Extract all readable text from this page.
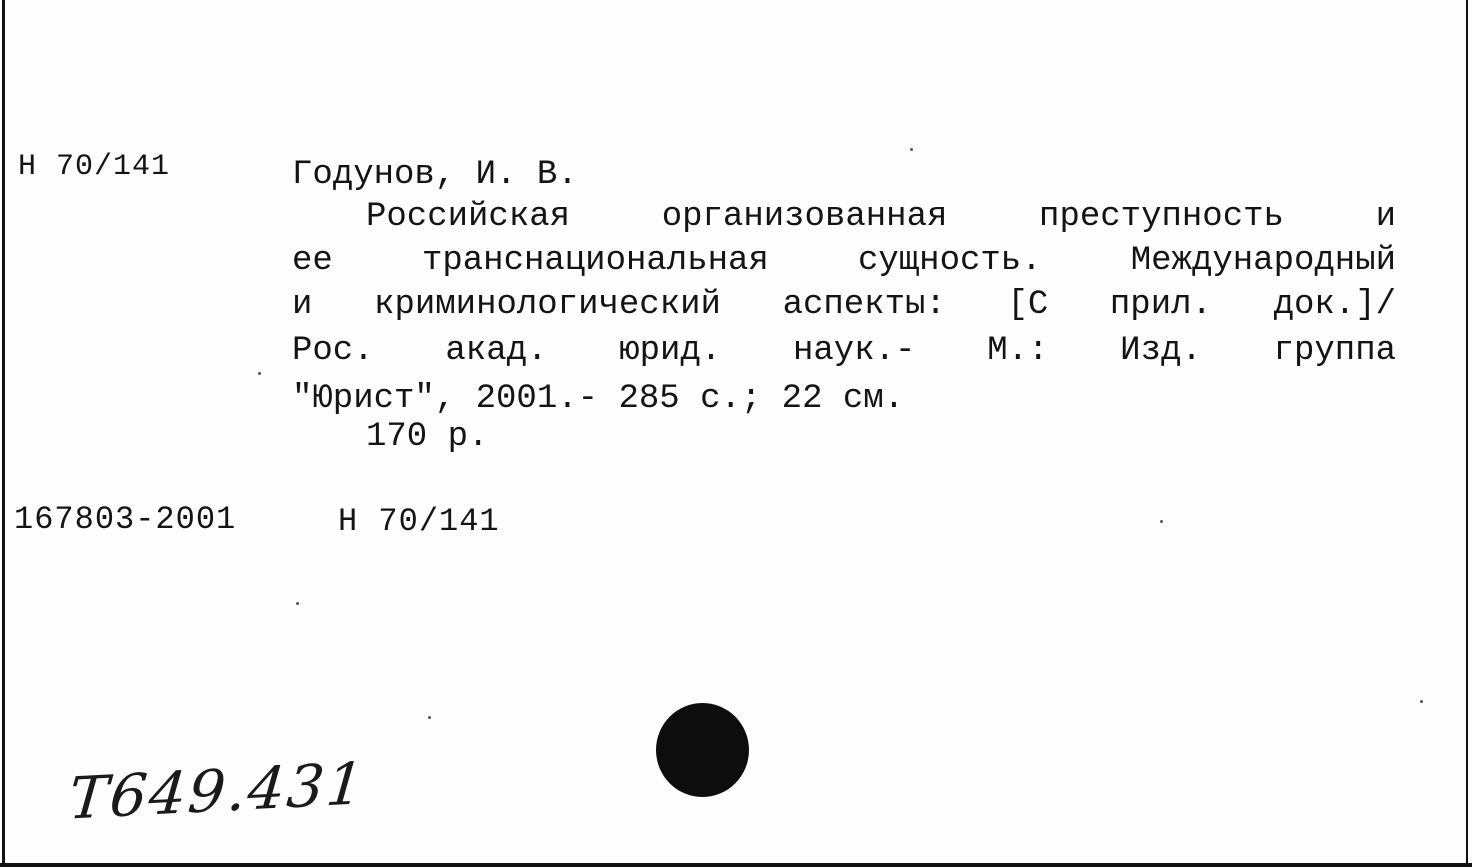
Н 70/141	Годунов, И. В.
Российская организованная преступность и
ее транснациональная сущность. Международный
и криминологический аспекты: [С прил. док.]/
Рос. акад. юрид. наук.- М.: Изд. группа
"Юрист", 2001.- 285 с.; 22 см.
170 р.
167803-2001	Н 70/141
Т649.431
